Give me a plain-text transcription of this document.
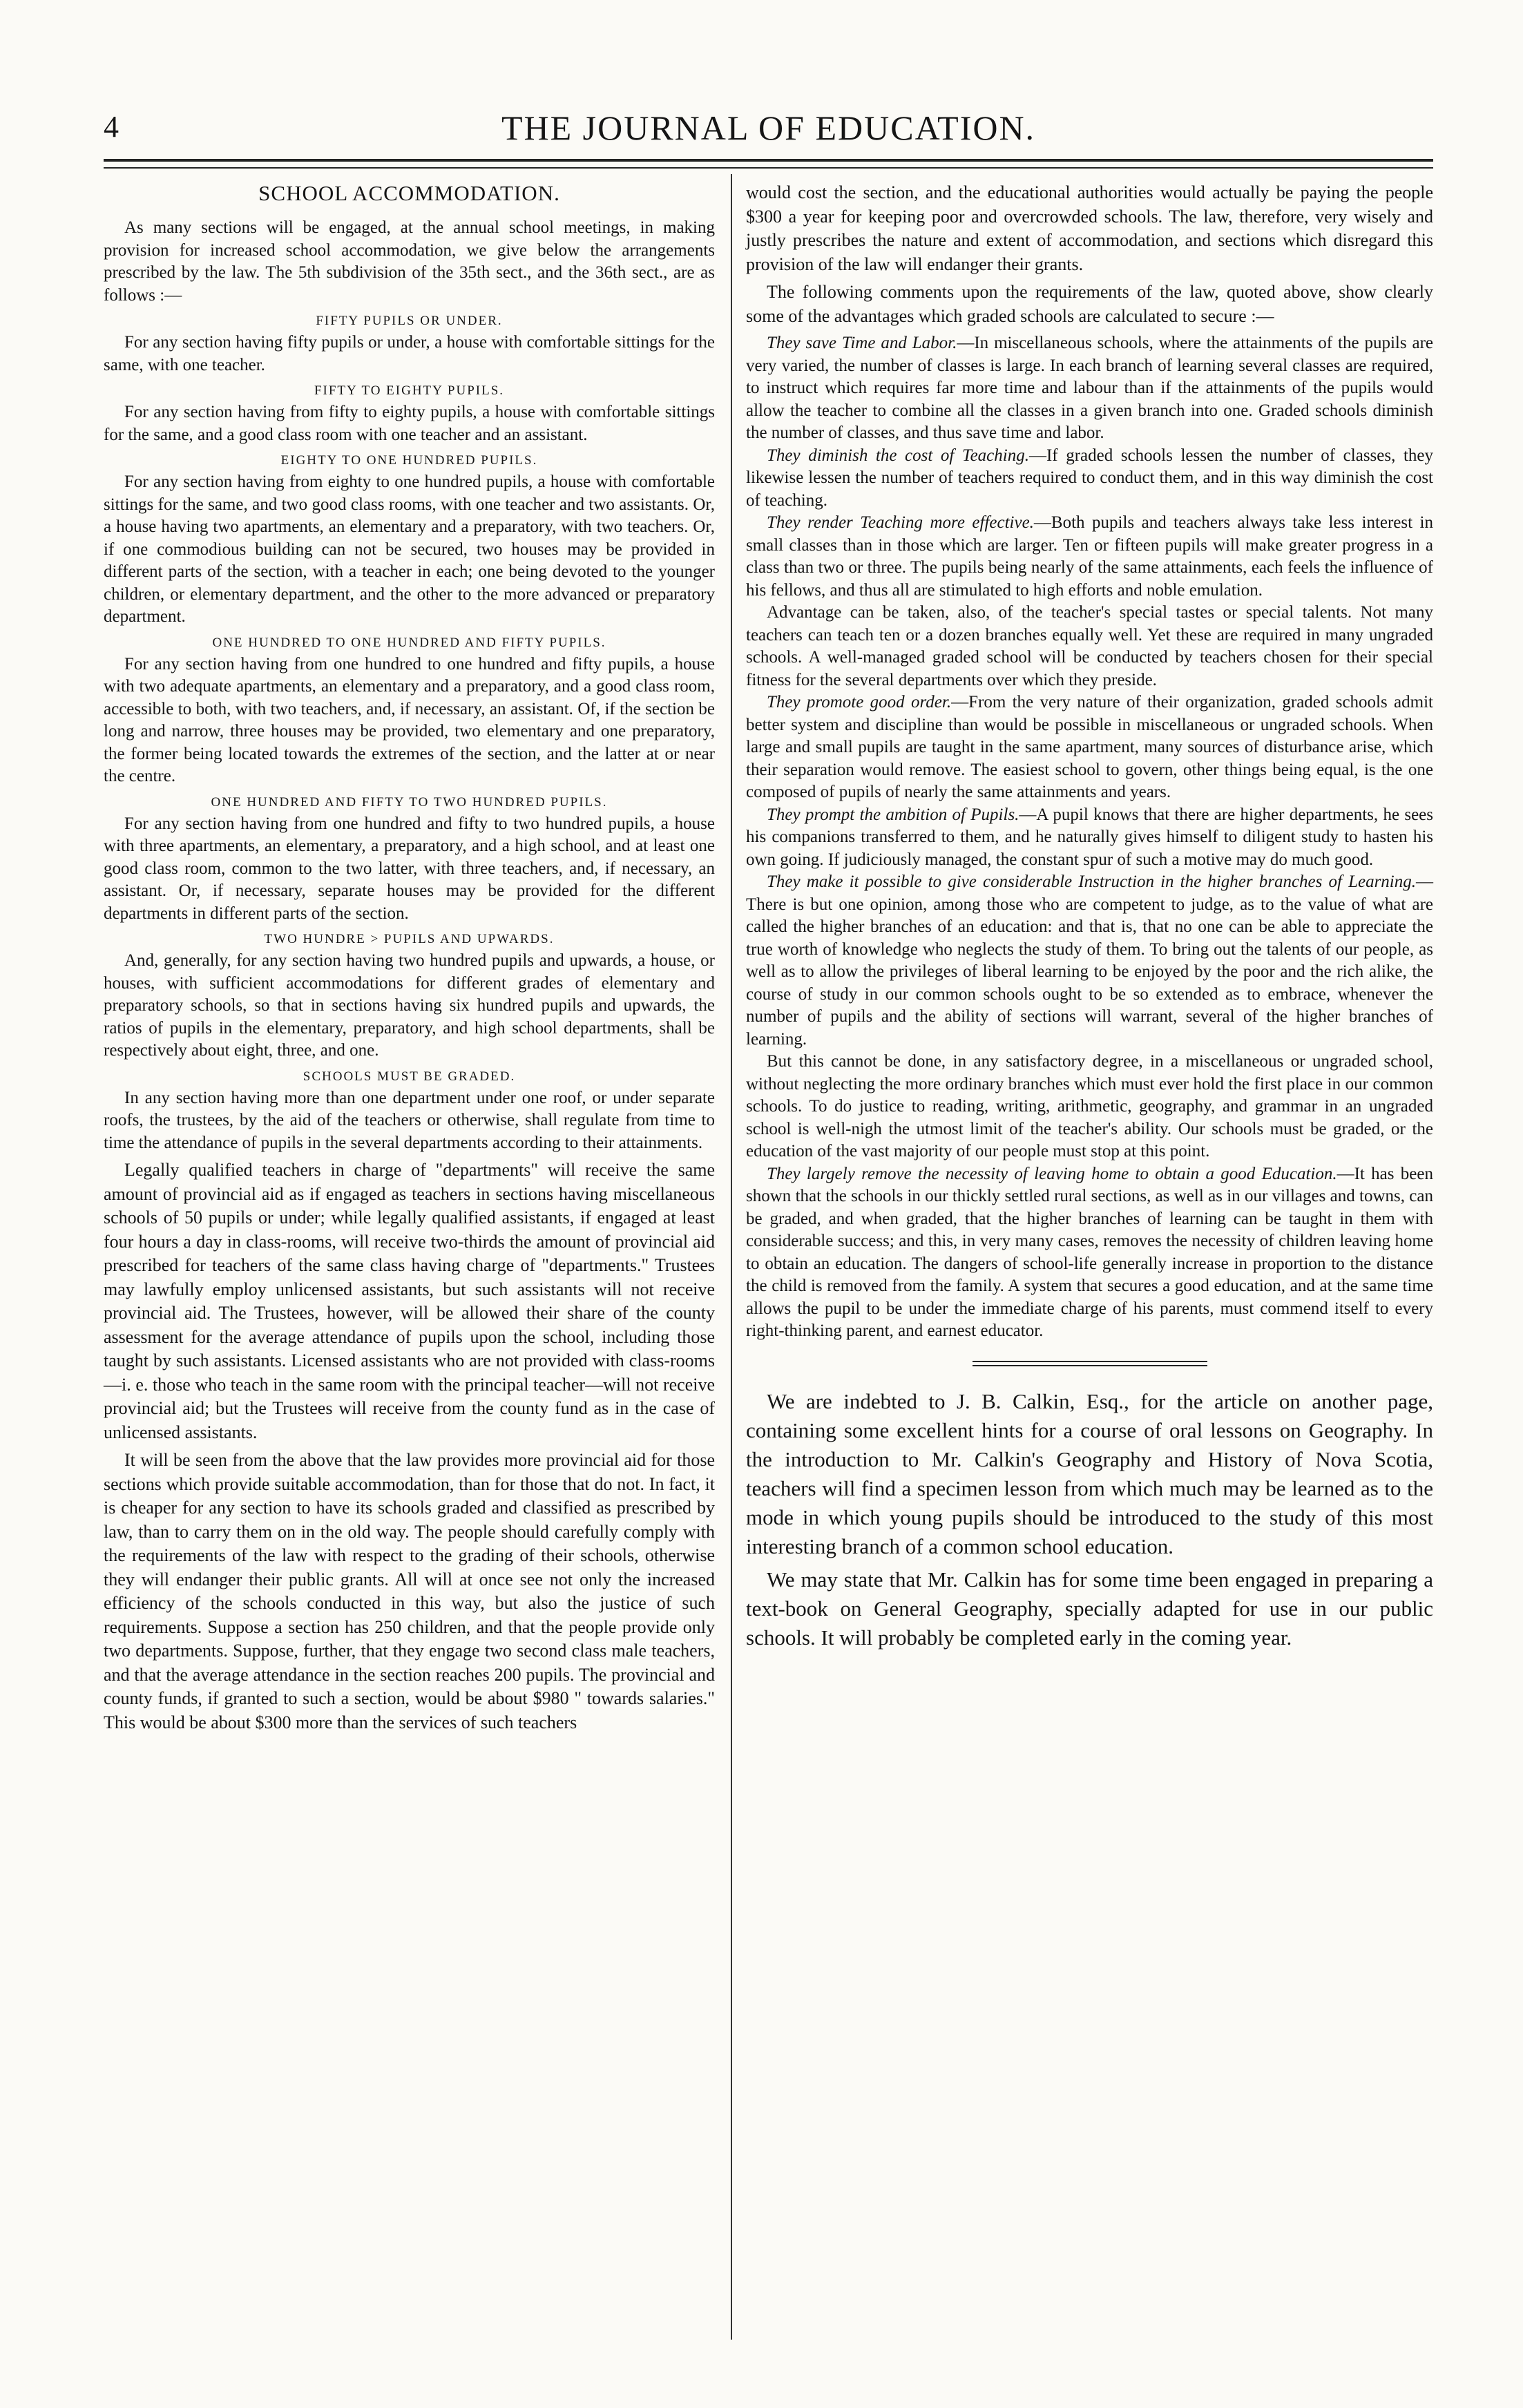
4	THE JOURNAL OF EDUCATION.
SCHOOL ACCOMMODATION.

As many sections will be engaged, at the annual school meetings, in making provision for increased school accommodation, we give below the arrangements prescribed by the law. The 5th subdivision of the 35th sect., and the 36th sect., are as follows :—

FIFTY PUPILS OR UNDER.

For any section having fifty pupils or under, a house with comfortable sittings for the same, with one teacher.

FIFTY TO EIGHTY PUPILS.

For any section having from fifty to eighty pupils, a house with comfortable sittings for the same, and a good class room with one teacher and an assistant.

EIGHTY TO ONE HUNDRED PUPILS.

For any section having from eighty to one hundred pupils, a house with comfortable sittings for the same, and two good class rooms, with one teacher and two assistants. Or, a house having two apartments, an elementary and a preparatory, with two teachers. Or, if one commodious building can not be secured, two houses may be provided in different parts of the section, with a teacher in each; one being devoted to the younger children, or elementary department, and the other to the more advanced or preparatory department.

ONE HUNDRED TO ONE HUNDRED AND FIFTY PUPILS.

For any section having from one hundred to one hundred and fifty pupils, a house with two adequate apartments, an elementary and a preparatory, and a good class room, accessible to both, with two teachers, and, if necessary, an assistant. Of, if the section be long and narrow, three houses may be provided, two elementary and one preparatory, the former being located towards the extremes of the section, and the latter at or near the centre.

ONE HUNDRED AND FIFTY TO TWO HUNDRED PUPILS.

For any section having from one hundred and fifty to two hundred pupils, a house with three apartments, an elementary, a preparatory, and a high school, and at least one good class room, common to the two latter, with three teachers, and, if necessary, an assistant. Or, if necessary, separate houses may be provided for the different departments in different parts of the section.

TWO HUNDRE > PUPILS AND UPWARDS.

And, generally, for any section having two hundred pupils and upwards, a house, or houses, with sufficient accommodations for different grades of elementary and preparatory schools, so that in sections having six hundred pupils and upwards, the ratios of pupils in the elementary, preparatory, and high school departments, shall be respectively about eight, three, and one.

SCHOOLS MUST BE GRADED.

In any section having more than one department under one roof, or under separate roofs, the trustees, by the aid of the teachers or otherwise, shall regulate from time to time the attendance of pupils in the several departments according to their attainments.

Legally qualified teachers in charge of "departments" will receive the same amount of provincial aid as if engaged as teachers in sections having miscellaneous schools of 50 pupils or under; while legally qualified assistants, if engaged at least four hours a day in class-rooms, will receive two-thirds the amount of provincial aid prescribed for teachers of the same class having charge of "departments." Trustees may lawfully employ unlicensed assistants, but such assistants will not receive provincial aid. The Trustees, however, will be allowed their share of the county assessment for the average attendance of pupils upon the school, including those taught by such assistants. Licensed assistants who are not provided with class-rooms—i. e. those who teach in the same room with the principal teacher—will not receive provincial aid; but the Trustees will receive from the county fund as in the case of unlicensed assistants.

It will be seen from the above that the law provides more provincial aid for those sections which provide suitable accommodation, than for those that do not. In fact, it is cheaper for any section to have its schools graded and classified as prescribed by law, than to carry them on in the old way. The people should carefully comply with the requirements of the law with respect to the grading of their schools, otherwise they will endanger their public grants. All will at once see not only the increased efficiency of the schools conducted in this way, but also the justice of such requirements. Suppose a section has 250 children, and that the people provide only two departments. Suppose, further, that they engage two second class male teachers, and that the average attendance in the section reaches 200 pupils. The provincial and county funds, if granted to such a section, would be about $980 " towards salaries." This would be about $300 more than the services of such teachers

would cost the section, and the educational authorities would actually be paying the people $300 a year for keeping poor and overcrowded schools. The law, therefore, very wisely and justly prescribes the nature and extent of accommodation, and sections which disregard this provision of the law will endanger their grants.

The following comments upon the requirements of the law, quoted above, show clearly some of the advantages which graded schools are calculated to secure :—

They save Time and Labor.—In miscellaneous schools, where the attainments of the pupils are very varied, the number of classes is large. In each branch of learning several classes are required, to instruct which requires far more time and labour than if the attainments of the pupils would allow the teacher to combine all the classes in a given branch into one. Graded schools diminish the number of classes, and thus save time and labor.

They diminish the cost of Teaching.—If graded schools lessen the number of classes, they likewise lessen the number of teachers required to conduct them, and in this way diminish the cost of teaching.

They render Teaching more effective.—Both pupils and teachers always take less interest in small classes than in those which are larger. Ten or fifteen pupils will make greater progress in a class than two or three. The pupils being nearly of the same attainments, each feels the influence of his fellows, and thus all are stimulated to high efforts and noble emulation.

Advantage can be taken, also, of the teacher's special tastes or special talents. Not many teachers can teach ten or a dozen branches equally well. Yet these are required in many ungraded schools. A well-managed graded school will be conducted by teachers chosen for their special fitness for the several departments over which they preside.

They promote good order.—From the very nature of their organization, graded schools admit better system and discipline than would be possible in miscellaneous or ungraded schools. When large and small pupils are taught in the same apartment, many sources of disturbance arise, which their separation would remove. The easiest school to govern, other things being equal, is the one composed of pupils of nearly the same attainments and years.

They prompt the ambition of Pupils.—A pupil knows that there are higher departments, he sees his companions transferred to them, and he naturally gives himself to diligent study to hasten his own going. If judiciously managed, the constant spur of such a motive may do much good.

They make it possible to give considerable Instruction in the higher branches of Learning.—There is but one opinion, among those who are competent to judge, as to the value of what are called the higher branches of an education: and that is, that no one can be able to appreciate the true worth of knowledge who neglects the study of them. To bring out the talents of our people, as well as to allow the privileges of liberal learning to be enjoyed by the poor and the rich alike, the course of study in our common schools ought to be so extended as to embrace, whenever the number of pupils and the ability of sections will warrant, several of the higher branches of learning.

But this cannot be done, in any satisfactory degree, in a miscellaneous or ungraded school, without neglecting the more ordinary branches which must ever hold the first place in our common schools. To do justice to reading, writing, arithmetic, geography, and grammar in an ungraded school is well-nigh the utmost limit of the teacher's ability. Our schools must be graded, or the education of the vast majority of our people must stop at this point.

They largely remove the necessity of leaving home to obtain a good Education.—It has been shown that the schools in our thickly settled rural sections, as well as in our villages and towns, can be graded, and when graded, that the higher branches of learning can be taught in them with considerable success; and this, in very many cases, removes the necessity of children leaving home to obtain an education. The dangers of school-life generally increase in proportion to the distance the child is removed from the family. A system that secures a good education, and at the same time allows the pupil to be under the immediate charge of his parents, must commend itself to every right-thinking parent, and earnest educator.

We are indebted to J. B. Calkin, Esq., for the article on another page, containing some excellent hints for a course of oral lessons on Geography. In the introduction to Mr. Calkin's Geography and History of Nova Scotia, teachers will find a specimen lesson from which much may be learned as to the mode in which young pupils should be introduced to the study of this most interesting branch of a common school education.

We may state that Mr. Calkin has for some time been engaged in preparing a text-book on General Geography, specially adapted for use in our public schools. It will probably be completed early in the coming year.
